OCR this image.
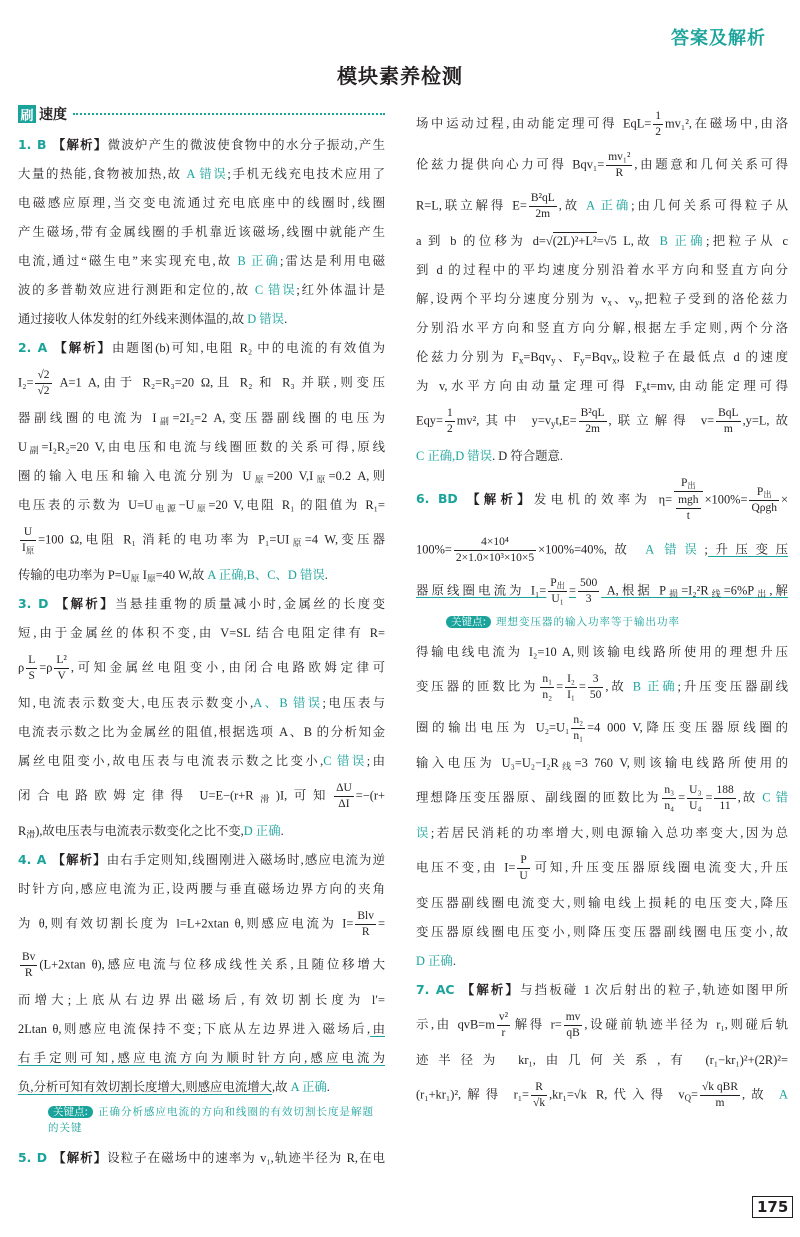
答案及解析
模块素养检测
刷 速度
1. B 【解析】微波炉产生的微波使食物中的水分子振动,产生
大量的热能,食物被加热,故 A 错误;手机无线充电技术应用了
电磁感应原理,当交变电流通过充电底座中的线圈时,线圈
产生磁场,带有金属线圈的手机靠近该磁场,线圈中就能产生
电流,通过“磁生电”来实现充电,故 B 正确;雷达是利用电磁
波的多普勒效应进行测距和定位的,故 C 错误;红外体温计是
通过接收人体发射的红外线来测体温的,故 D 错误.
2. A 【解析】由题图(b)可知,电阻 R₂ 中的电流的有效值为
$I_2= \frac{√2}{√2} A=1$ A,由于 R₂=R₃=20 Ω,且 R₂ 和 R₃ 并联,则变压
器副线圈的电流为 $I_副=2I_2=2$ A,变压器副线圈的电压为
$U_副=I_2R_2=20$ V,由电压和电流与线圈匝数的关系可得,原线
圈的输入电压和输入电流分别为 $U_原=200$ $V,I_原=0.2$ A,则
电压表的示数为 $U=U_{电源}-U_原=20$ V,电阻 R₁ 的阻值为 R₁=
$\frac{U}{I_原} =100$ Ω,电阻 R₁ 消耗的电功率为 $P_1=UI_原=4$ W,变压器
传输的电功率为 $P=U_原$ $I_原=40$ W,故 A 正确,B、C、D 错误.
3. D 【解析】当悬挂重物的质量减小时,金属丝的长度变
短,由于金属丝的体积不变,由 V=SL 结合电阻定律有 R=
ρ $\frac{L}{S} =\rho \frac{\text{L²}}{V}$ ,可知金属丝电阻变小,由闭合电路欧姆定律可
知,电流表示数变大,电压表示数变小,A、B 错误;电压表与
电流表示数之比为金属丝的阻值,根据选项 A、B 的分析知金
属丝电阻变小,故电压表与电流表示数之比变小,C 错误;由
闭合电路欧姆定律得 $U=E-(r+R_滑)I$,可知 $\frac{\Delta U}{\Delta I} =-(r+$
$R_滑$),故电压表与电流表示数变化之比不变,D 正确.
4. A 【解析】由右手定则知,线圈刚进入磁场时,感应电流为逆
时针方向,感应电流为正,设两腰与垂直磁场边界方向的夹角
为 θ,则有效切割长度为 l=L+2xtan θ,则感应电流为 $I= \frac{\text{Blv}}{R}$ =
$\frac{Bv}{R} (L+2xtan$ θ),感应电流与位移成线性关系,且随位移增大
而增大;上底从右边界出磁场后,有效切割长度为 l′=
2Ltan θ,则感应电流保持不变;下底从左边界进入磁场后,由
右手定则可知,感应电流方向为顺时针方向,感应电流为
负,分析可知有效切割长度增大,则感应电流增大,故 A 正确.
关键点: 正确分析感应电流的方向和线圈的有效切割长度是解题的关键
5. D 【解析】设粒子在磁场中的速率为 v₁,轨迹半径为 R,在电
场中运动过程,由动能定理可得 $EqL= \frac{1}{2} mv_1^2$,在磁场中,由洛
伦兹力提供向心力可得 $Bqv_1= \frac{\text{mv₁²}}{R}$ ,由题意和几何关系可得
R=L,联立解得 $E= \frac{\text{B²qL}}{2m}$ ,故 A 正确;由几何关系可得粒子从
a 到 b 的位移为 d=√(2L)²+L²=√5 L,故 B 正确;把粒子从 c
到 d 的过程中的平均速度分别沿着水平方向和竖直方向分
解,设两个平均分速度分别为 $v_x$、$v_y$,把粒子受到的洛伦兹力
分别沿水平方向和竖直方向分解,根据左手定则,两个分洛
伦兹力分别为 $F_x=Bqv_y$、$F_y=Bqv_x$,设粒子在最低点 d 的速度
为 v,水平方向由动量定理可得 $F_xt=mv$,由动能定理可得
$Eqy= \frac{1}{2} mv^2$,其中 $y=v_yt,E= \frac{\text{B²qL}}{2m}$ ,联立解得 $v= \frac{\text{BqL}}{m} ,y=L$,故
C 正确,D 错误. D 符合题意.
6. BD 【解析】发电机的效率为 $\eta= \frac{P_出}{\frac{\text{mgh}}{t}} \times 100\%= \frac{P_出}{\text{Qρgh}}$ ×
$100\%= \frac{\text{4×10⁴}}{\text{2×1.0×10³×10×5}} \times 100\%=40\%$,故 A 错误;升压变压
器原线圈电流为 $I_1= \frac{P_出}{\text{U₁}} = \frac{500}{3} A$,根据 $P_损=I_2^2R_线=6\%P_出$,解
关键点: 理想变压器的输入功率等于输出功率
得输电线电流为 I₂=10 A,则该输电线路所使用的理想升压
变压器的匝数比为 $\frac{\text{n₁}}{\text{n₂}} = \frac{\text{I₂}}{\text{I₁}} = \frac{3}{50}$ ,故 B 正确;升压变压器副线
圈的输出电压为 $U_2=U_1 \frac{\text{n₂}}{\text{n₁}} =4$ 000 V,降压变压器原线圈的
输入电压为 $U_3=U_2-I_2R_线=3$ 760 V,则该输电线路所使用的
理想降压变压器原、副线圈的匝数比为 $\frac{\text{n₃}}{\text{n₄}} = \frac{\text{U₃}}{\text{U₄}} = \frac{188}{11}$ ,故 C 错
误;若居民消耗的功率增大,则电源输入总功率变大,因为总
电压不变,由 $I= \frac{P}{U}$ 可知,升压变压器原线圈电流变大,升压
变压器副线圈电流变大,则输电线上损耗的电压变大,降压
变压器原线圈电压变小,则降压变压器副线圈电压变小,故
D 正确.
7. AC 【解析】与挡板碰 1 次后射出的粒子,轨迹如图甲所
示,由 $qvB=m \frac{\text{v²}}{r}$ 解得 $r= \frac{mv}{qB}$ ,设碰前轨迹半径为 r₁,则碰后轨
迹半径为 kr₁,由几何关系,有 (r₁−kr₁)²+(2R)²=
(r₁+kr₁)²,解得 $r_1= \frac{R}{√k} ,kr_1=√k$ R,代入得 $v_Q= \frac{\text{√k qBR}}{m}$ ,故 A
175
